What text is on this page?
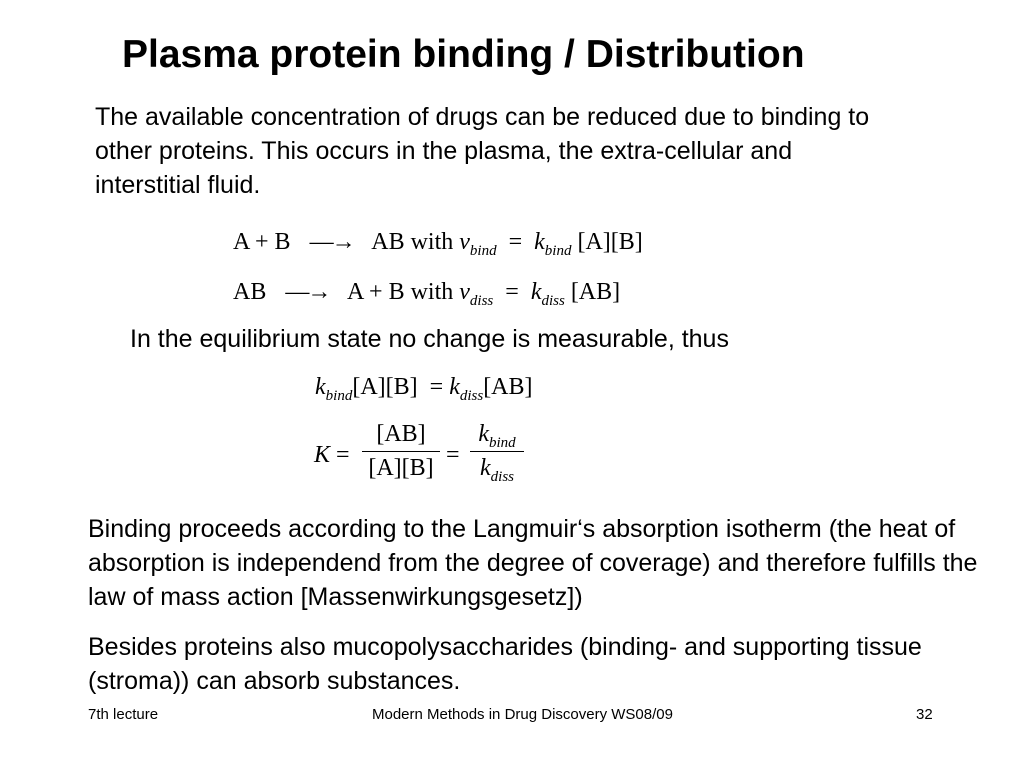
Plasma protein binding / Distribution

The available concentration of drugs can be reduced due to binding to other proteins. This occurs in the plasma, the extra-cellular and interstitial fluid.

A + B —→ AB with $v_{bind} = k_{bind}$ [A][B]
AB —→ A + B with $v_{diss} = k_{diss}$ [AB]

In the equilibrium state no change is measurable, thus

$k_{bind}[A][B] = k_{diss}[AB]$
K =
[AB]
[A][B] =
$k_{bind}$
$k_{diss}$

Binding proceeds according to the Langmuir‘s absorption isotherm (the heat of absorption is independend from the degree of coverage) and therefore fulfills the law of mass action [Massenwirkungsgesetz])

Besides proteins also mucopolysaccharides (binding- and supporting tissue (stroma)) can absorb substances.

7th lecture	Modern Methods in Drug Discovery WS08/09	32
